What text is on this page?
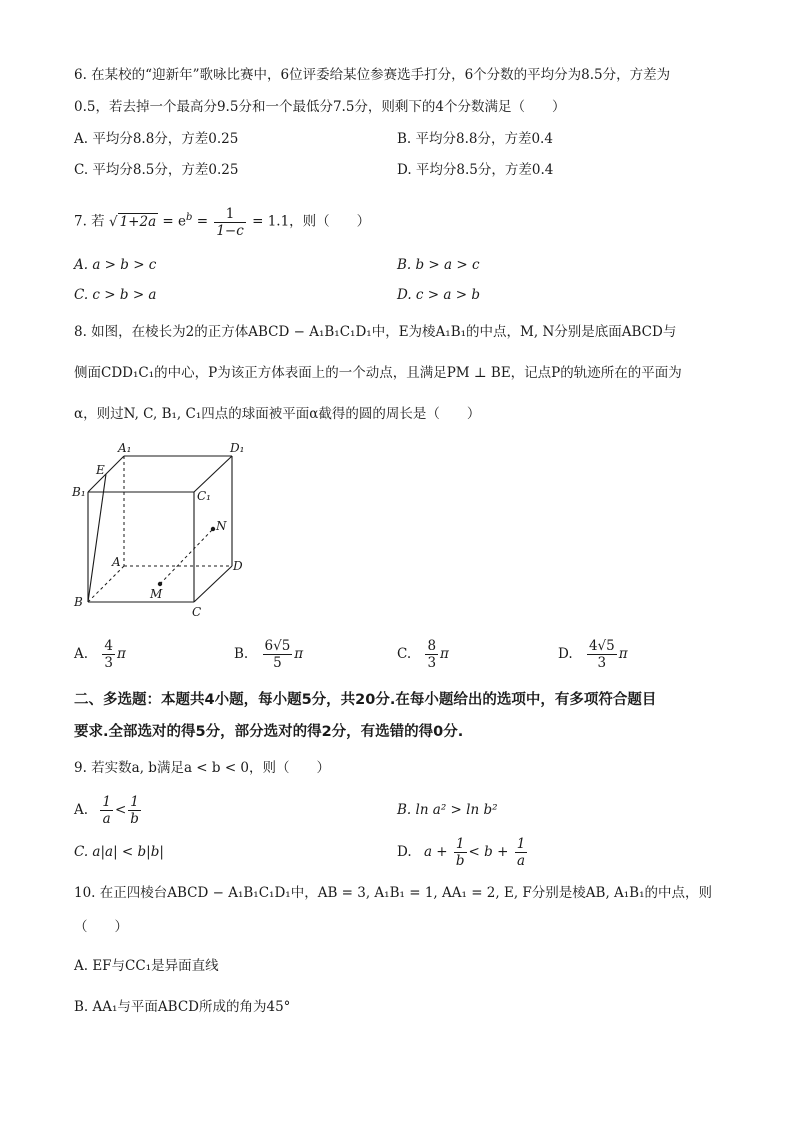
6. 在某校的“迎新年”歌咏比赛中，6位评委给某位参赛选手打分，6个分数的平均分为8.5分，方差为
0.5，若去掉一个最高分9.5分和一个最低分7.5分，则剩下的4个分数满足（　　）
A. 平均分8.8分，方差0.25	B. 平均分8.8分，方差0.4
C. 平均分8.5分，方差0.25	D. 平均分8.5分，方差0.4
7. 若 √ $1+2a = e^b = \frac{1}{1-c} = 1.1$，则（　　）
A. a > b > c	B. b > a > c
C. c > b > a	D. c > a > b
8. 如图，在棱长为2的正方体ABCD − A₁B₁C₁D₁中，E为棱A₁B₁的中点，M, N分别是底面ABCD与
侧面CDD₁C₁的中心，P为该正方体表面上的一个动点，且满足PM ⊥ BE，记点P的轨迹所在的平面为
α，则过N, C, B₁, C₁四点的球面被平面α截得的圆的周长是（　　）
A₁	D₁
E
B₁	C₁
N
A	D
B
M
C
A. $\frac{4}{3}$ π	B. $\frac{6√5}{5}$ π	C. $\frac{8}{3}$ π	D. $\frac{4√5}{3}$ π
二、多选题：本题共4小题，每小题5分，共20分.在每小题给出的选项中，有多项符合题目
要求.全部选对的得5分，部分选对的得2分，有选错的得0分.
9. 若实数a, b满足a < b < 0，则（　　）
A. $\frac{1}{a} < \frac{1}{b}$	B. ln a² > ln b²
C. a|a| < b|b|	D. $a + \frac{1}{b} < b + \frac{1}{a}$
10. 在正四棱台ABCD − A₁B₁C₁D₁中，AB = 3, A₁B₁ = 1, AA₁ = 2, E, F分别是棱AB, A₁B₁的中点，则
（　　）
A. EF与CC₁是异面直线
B. AA₁与平面ABCD所成的角为45°
